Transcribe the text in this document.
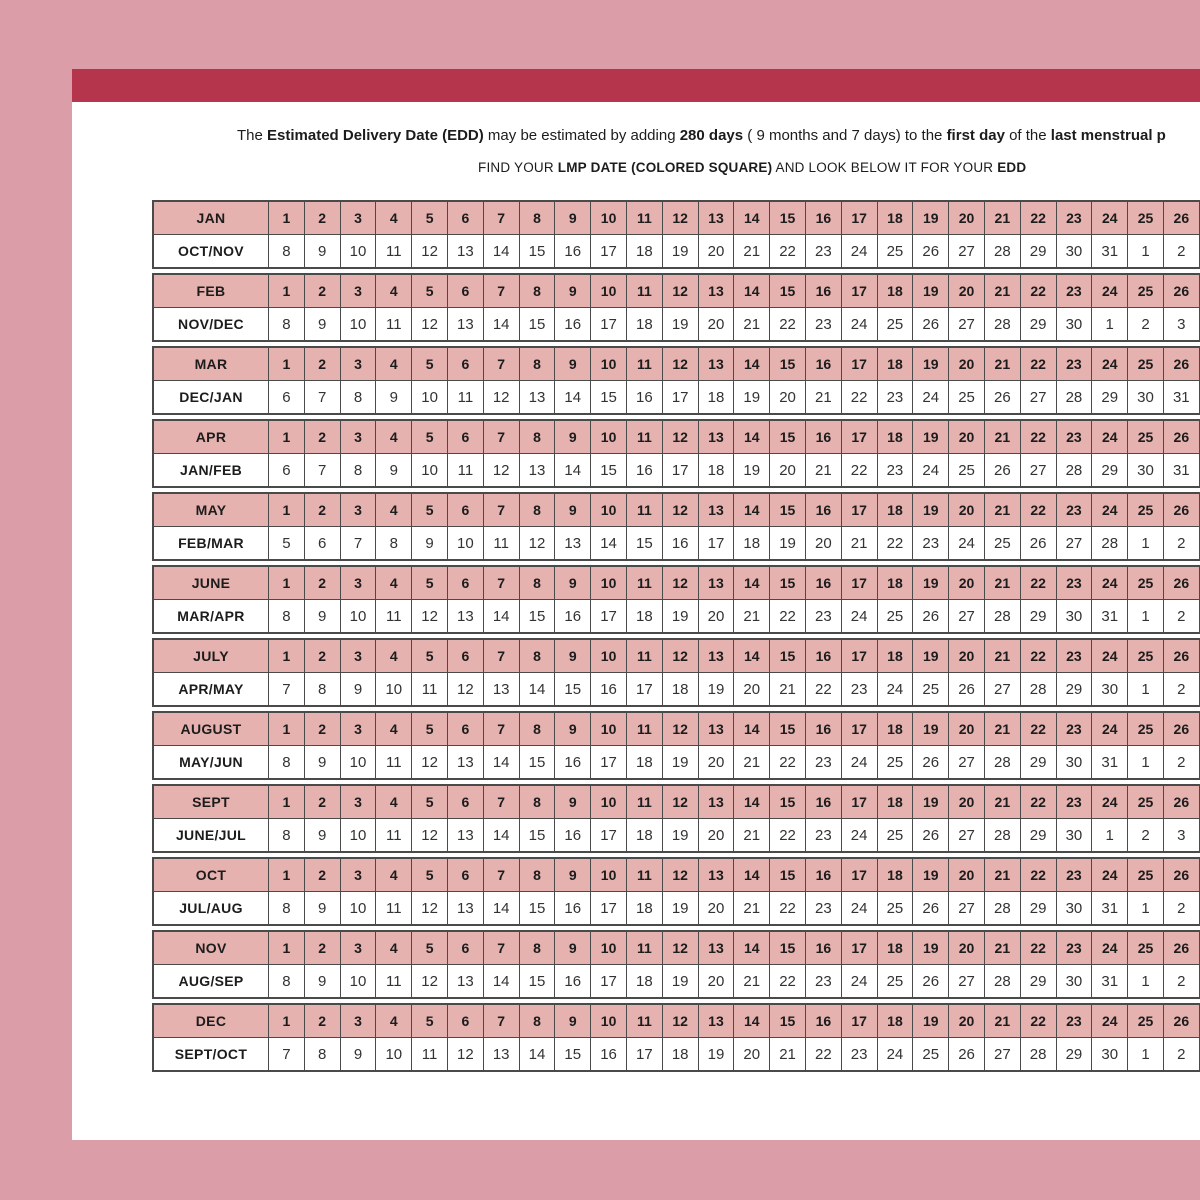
The Estimated Delivery Date (EDD) may be estimated by adding 280 days ( 9 months and 7 days) to the first day of the last menstrual p

FIND YOUR LMP DATE (COLORED SQUARE) AND LOOK BELOW IT FOR YOUR EDD

JAN	1	2	3	4	5	6	7	8	9	10	11	12	13	14	15	16	17	18	19	20	21	22	23	24	25	26
OCT/NOV	8	9	10	11	12	13	14	15	16	17	18	19	20	21	22	23	24	25	26	27	28	29	30	31	1	2
FEB	1	2	3	4	5	6	7	8	9	10	11	12	13	14	15	16	17	18	19	20	21	22	23	24	25	26
NOV/DEC	8	9	10	11	12	13	14	15	16	17	18	19	20	21	22	23	24	25	26	27	28	29	30	1	2	3
MAR	1	2	3	4	5	6	7	8	9	10	11	12	13	14	15	16	17	18	19	20	21	22	23	24	25	26
DEC/JAN	6	7	8	9	10	11	12	13	14	15	16	17	18	19	20	21	22	23	24	25	26	27	28	29	30	31
APR	1	2	3	4	5	6	7	8	9	10	11	12	13	14	15	16	17	18	19	20	21	22	23	24	25	26
JAN/FEB	6	7	8	9	10	11	12	13	14	15	16	17	18	19	20	21	22	23	24	25	26	27	28	29	30	31
MAY	1	2	3	4	5	6	7	8	9	10	11	12	13	14	15	16	17	18	19	20	21	22	23	24	25	26
FEB/MAR	5	6	7	8	9	10	11	12	13	14	15	16	17	18	19	20	21	22	23	24	25	26	27	28	1	2
JUNE	1	2	3	4	5	6	7	8	9	10	11	12	13	14	15	16	17	18	19	20	21	22	23	24	25	26
MAR/APR	8	9	10	11	12	13	14	15	16	17	18	19	20	21	22	23	24	25	26	27	28	29	30	31	1	2
JULY	1	2	3	4	5	6	7	8	9	10	11	12	13	14	15	16	17	18	19	20	21	22	23	24	25	26
APR/MAY	7	8	9	10	11	12	13	14	15	16	17	18	19	20	21	22	23	24	25	26	27	28	29	30	1	2
AUGUST	1	2	3	4	5	6	7	8	9	10	11	12	13	14	15	16	17	18	19	20	21	22	23	24	25	26
MAY/JUN	8	9	10	11	12	13	14	15	16	17	18	19	20	21	22	23	24	25	26	27	28	29	30	31	1	2
SEPT	1	2	3	4	5	6	7	8	9	10	11	12	13	14	15	16	17	18	19	20	21	22	23	24	25	26
JUNE/JUL	8	9	10	11	12	13	14	15	16	17	18	19	20	21	22	23	24	25	26	27	28	29	30	1	2	3
OCT	1	2	3	4	5	6	7	8	9	10	11	12	13	14	15	16	17	18	19	20	21	22	23	24	25	26
JUL/AUG	8	9	10	11	12	13	14	15	16	17	18	19	20	21	22	23	24	25	26	27	28	29	30	31	1	2
NOV	1	2	3	4	5	6	7	8	9	10	11	12	13	14	15	16	17	18	19	20	21	22	23	24	25	26
AUG/SEP	8	9	10	11	12	13	14	15	16	17	18	19	20	21	22	23	24	25	26	27	28	29	30	31	1	2
DEC	1	2	3	4	5	6	7	8	9	10	11	12	13	14	15	16	17	18	19	20	21	22	23	24	25	26
SEPT/OCT	7	8	9	10	11	12	13	14	15	16	17	18	19	20	21	22	23	24	25	26	27	28	29	30	1	2
